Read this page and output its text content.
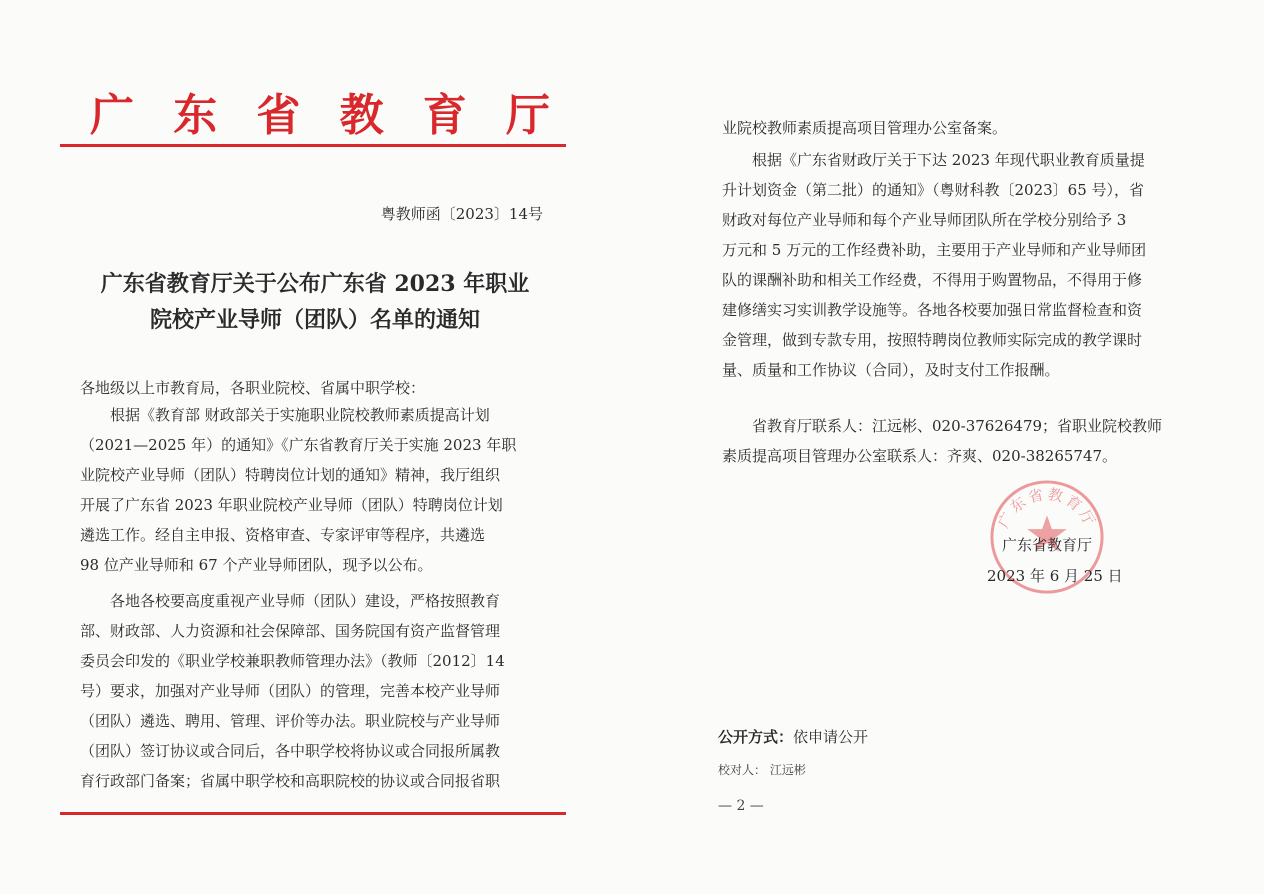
广 东 省 教 育 厅
粤教师函〔2023〕14号
广东省教育厅关于公布广东省 2023 年职业
院校产业导师（团队）名单的通知
各地级以上市教育局，各职业院校、省属中职学校：
根据《教育部 财政部关于实施职业院校教师素质提高计划
（2021—2025 年）的通知》《广东省教育厅关于实施 2023 年职
业院校产业导师（团队）特聘岗位计划的通知》精神，我厅组织
开展了广东省 2023 年职业院校产业导师（团队）特聘岗位计划
遴选工作。经自主申报、资格审查、专家评审等程序，共遴选
98 位产业导师和 67 个产业导师团队，现予以公布。
各地各校要高度重视产业导师（团队）建设，严格按照教育
部、财政部、人力资源和社会保障部、国务院国有资产监督管理
委员会印发的《职业学校兼职教师管理办法》（教师〔2012〕14
号）要求，加强对产业导师（团队）的管理，完善本校产业导师
（团队）遴选、聘用、管理、评价等办法。职业院校与产业导师
（团队）签订协议或合同后，各中职学校将协议或合同报所属教
育行政部门备案；省属中职学校和高职院校的协议或合同报省职
业院校教师素质提高项目管理办公室备案。
根据《广东省财政厅关于下达 2023 年现代职业教育质量提
升计划资金（第二批）的通知》（粤财科教〔2023〕65 号），省
财政对每位产业导师和每个产业导师团队所在学校分别给予 3
万元和 5 万元的工作经费补助，主要用于产业导师和产业导师团
队的课酬补助和相关工作经费，不得用于购置物品，不得用于修
建修缮实习实训教学设施等。各地各校要加强日常监督检查和资
金管理，做到专款专用，按照特聘岗位教师实际完成的教学课时
量、质量和工作协议（合同），及时支付工作报酬。
省教育厅联系人：江远彬、020-37626479；省职业院校教师
素质提高项目管理办公室联系人：齐爽、020-38265747。
广东省教育厅
广东省教育厅
2023 年 6 月 25 日
公开方式：依申请公开
校对人： 江远彬
— 2 —
